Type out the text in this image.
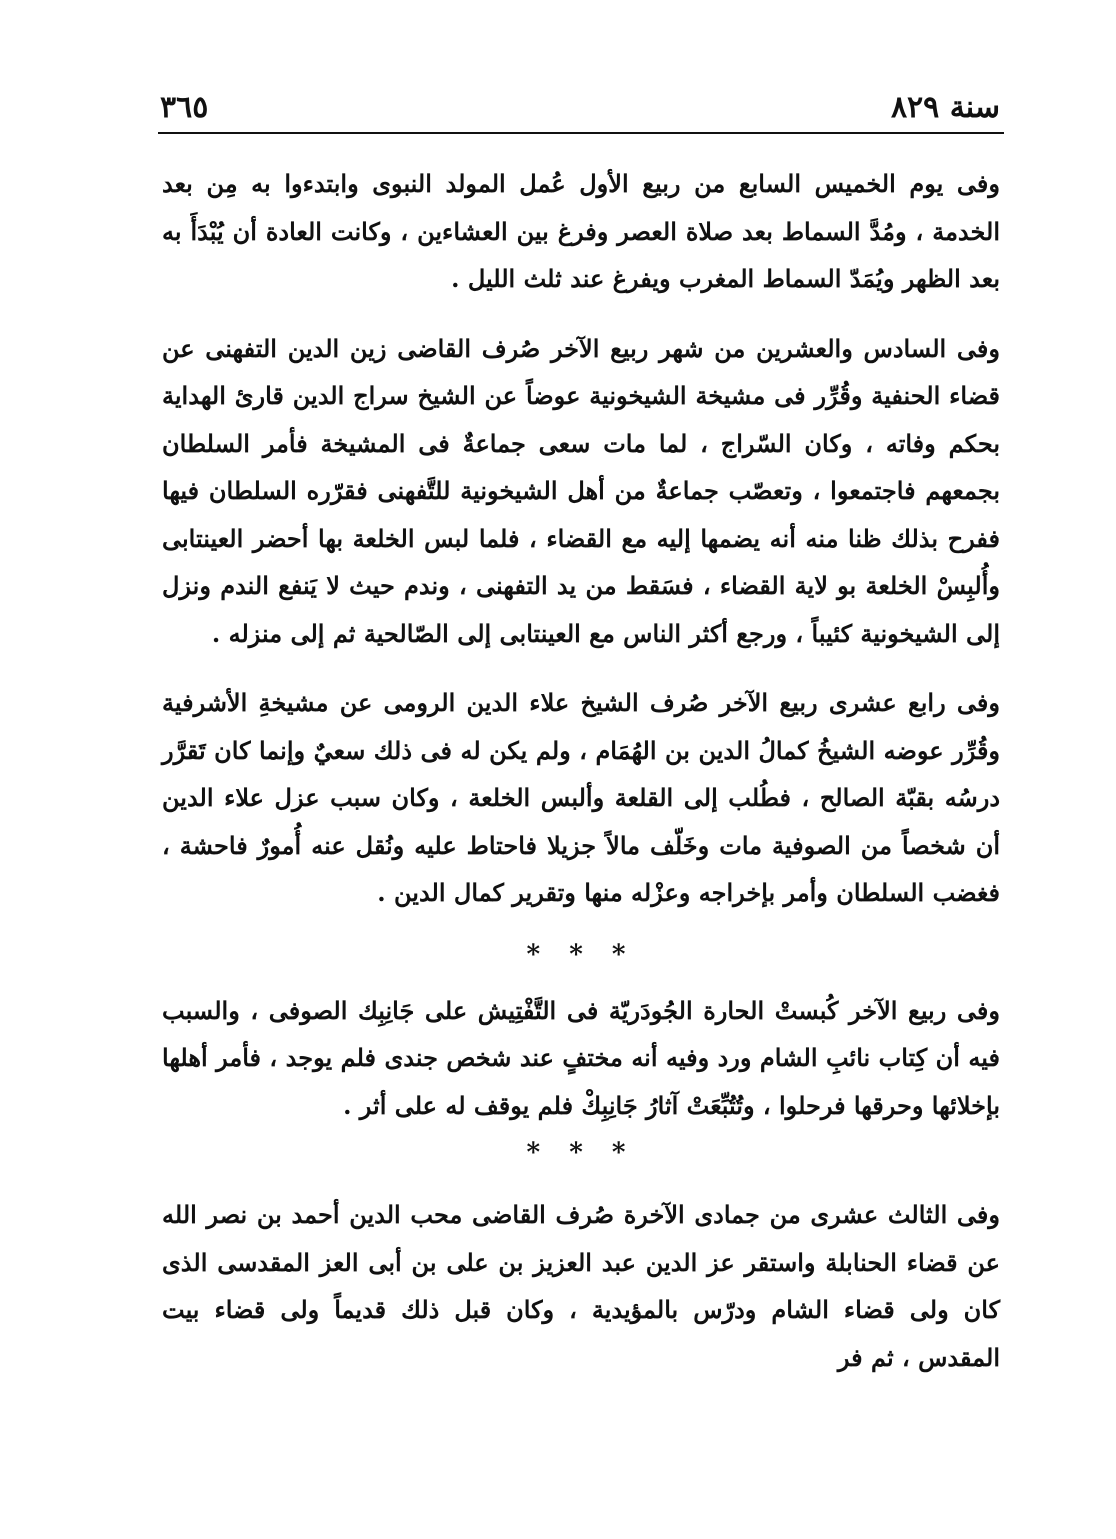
سنة ٨٢٩
٣٦٥

وفى يوم الخميس السابع من ربيع الأول عُمل المولد النبوى وابتدءوا به مِن بعد الخدمة ، ومُدَّ السماط بعد صلاة العصر وفرغ بين العشاءين ، وكانت العادة أن يُبْدَأَ به بعد الظهر ويُمَدّ السماط المغرب ويفرغ عند ثلث الليل .

وفى السادس والعشرين من شهر ربيع الآخر صُرف القاضى زين الدين التفهنى عن قضاء الحنفية وقُرِّر فى مشيخة الشيخونية عوضاً عن الشيخ سراج الدين قارئ الهداية بحكم وفاته ، وكان السّراج ، لما مات سعى جماعةٌ فى المشيخة فأمر السلطان بجمعهم فاجتمعوا ، وتعصّب جماعةٌ من أهل الشيخونية للتَّفهنى فقرّره السلطان فيها ففرح بذلك ظنا منه أنه يضمها إليه مع القضاء ، فلما لبس الخلعة بها أحضر العينتابى وأُلبِسْ الخلعة بو لاية القضاء ، فسَقط من يد التفهنى ، وندم حيث لا يَنفع الندم ونزل إلى الشيخونية كئيباً ، ورجع أكثر الناس مع العينتابى إلى الصّالحية ثم إلى منزله .

وفى رابع عشرى ربيع الآخر صُرف الشيخ علاء الدين الرومى عن مشيخةِ الأشرفية وقُرِّر عوضه الشيخُ كمالُ الدين بن الهُمَام ، ولم يكن له فى ذلك سعيٌ وإنما كان تَقرَّر درسُه بقبّة الصالح ، فطُلب إلى القلعة وألبس الخلعة ، وكان سبب عزل علاء الدين أن شخصاً من الصوفية مات وخَلّف مالاً جزيلا فاحتاط عليه ونُقل عنه أُمورٌ فاحشة ، فغضب السلطان وأمر بإخراجه وعزْله منها وتقرير كمال الدين .

* * *

وفى ربيع الآخر كُبستْ الحارة الجُودَريّة فى التَّفْتِيش على جَانِبِك الصوفى ، والسبب فيه أن كِتاب نائبِ الشام ورد وفيه أنه مختفٍ عند شخص جندى فلم يوجد ، فأمر أهلها بإخلائها وحرقها فرحلوا ، وتُتُبِّعَتْ آثارُ جَانِبِكْ فلم يوقف له على أثر .

* * *

وفى الثالث عشرى من جمادى الآخرة صُرف القاضى محب الدين أحمد بن نصر الله عن قضاء الحنابلة واستقر عز الدين عبد العزيز بن على بن أبى العز المقدسى الذى كان ولى قضاء الشام ودرّس بالمؤيدية ، وكان قبل ذلك قديماً ولى قضاء بيت المقدس ، ثم فر
